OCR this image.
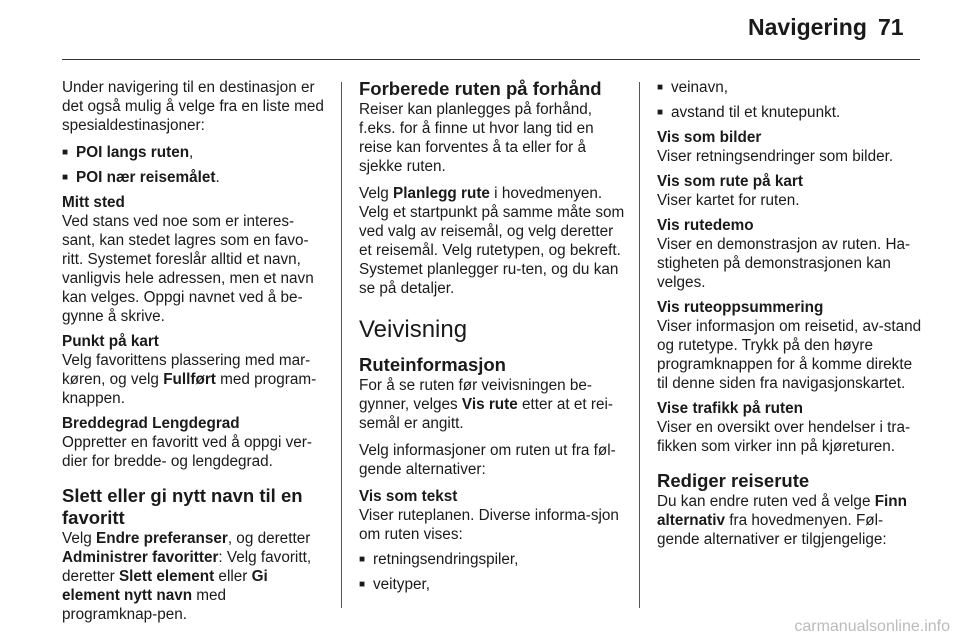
Navigering 71

Under navigering til en destinasjon er det også mulig å velge fra en liste med spesialdestinasjoner:

■ POI langs ruten,
■ POI nær reisemålet.
Mitt sted
Ved stans ved noe som er interes-sant, kan stedet lagres som en favo-ritt. Systemet foreslår alltid et navn, vanligvis hele adressen, men et navn kan velges. Oppgi navnet ved å be-gynne å skrive.
Punkt på kart
Velg favorittens plassering med mar-køren, og velg Fullført med program-knappen.
Breddegrad Lengdegrad
Oppretter en favoritt ved å oppgi ver-dier for bredde- og lengdegrad.
Slett eller gi nytt navn til en favoritt

Velg Endre preferanser, og deretter Administrer favoritter: Velg favoritt, deretter Slett element eller Gi element nytt navn med programknap-pen.

Forberede ruten på forhånd

Reiser kan planlegges på forhånd, f.eks. for å finne ut hvor lang tid en reise kan forventes å ta eller for å sjekke ruten.

Velg Planlegg rute i hovedmenyen. Velg et startpunkt på samme måte som ved valg av reisemål, og velg deretter et reisemål. Velg rutetypen, og bekreft. Systemet planlegger ru-ten, og du kan se på detaljer.

Veivisning
Ruteinformasjon

For å se ruten før veivisningen be-gynner, velges Vis rute etter at et rei-semål er angitt.

Velg informasjoner om ruten ut fra føl-gende alternativer:

Vis som tekst
Viser ruteplanen. Diverse informa-sjon om ruten vises:
■ retningsendringspiler,
■ veityper,
■ veinavn,
■ avstand til et knutepunkt.
Vis som bilder
Viser retningsendringer som bilder.
Vis som rute på kart
Viser kartet for ruten.
Vis rutedemo
Viser en demonstrasjon av ruten. Ha-stigheten på demonstrasjonen kan velges.
Vis ruteoppsummering
Viser informasjon om reisetid, av-stand og rutetype. Trykk på den høyre programknappen for å komme direkte til denne siden fra navigasjonskartet.
Vise trafikk på ruten
Viser en oversikt over hendelser i tra-fikken som virker inn på kjøreturen.
Rediger reiserute

Du kan endre ruten ved å velge Finn alternativ fra hovedmenyen. Føl-gende alternativer er tilgjengelige:

carmanualsonline.info
